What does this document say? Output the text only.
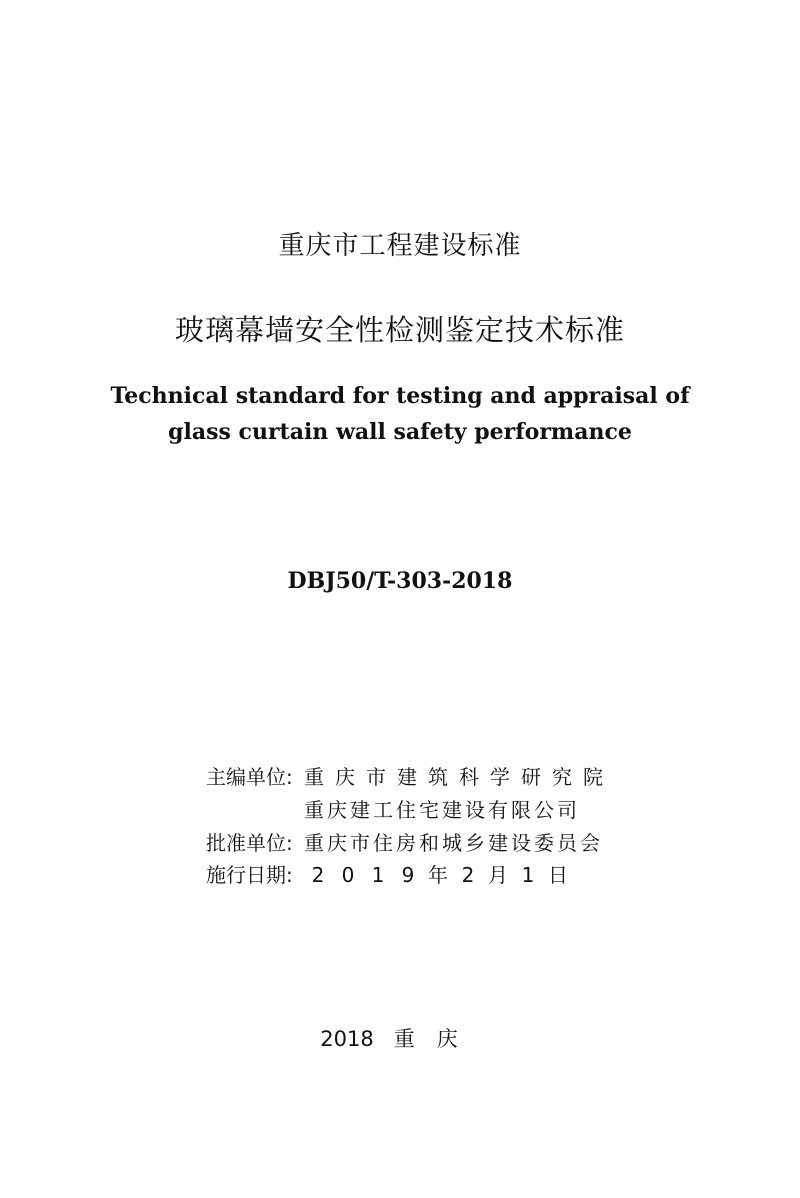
重庆市工程建设标准
玻璃幕墙安全性检测鉴定技术标准
Technical standard for testing and appraisal of
glass curtain wall safety performance
DBJ50/T-303-2018
主编单位: 重庆市建筑科学研究院
重庆建工住宅建设有限公司
批准单位: 重庆市住房和城乡建设委员会
施行日期: 2 0 1 9 年 2 月 1 日
2018 重庆
